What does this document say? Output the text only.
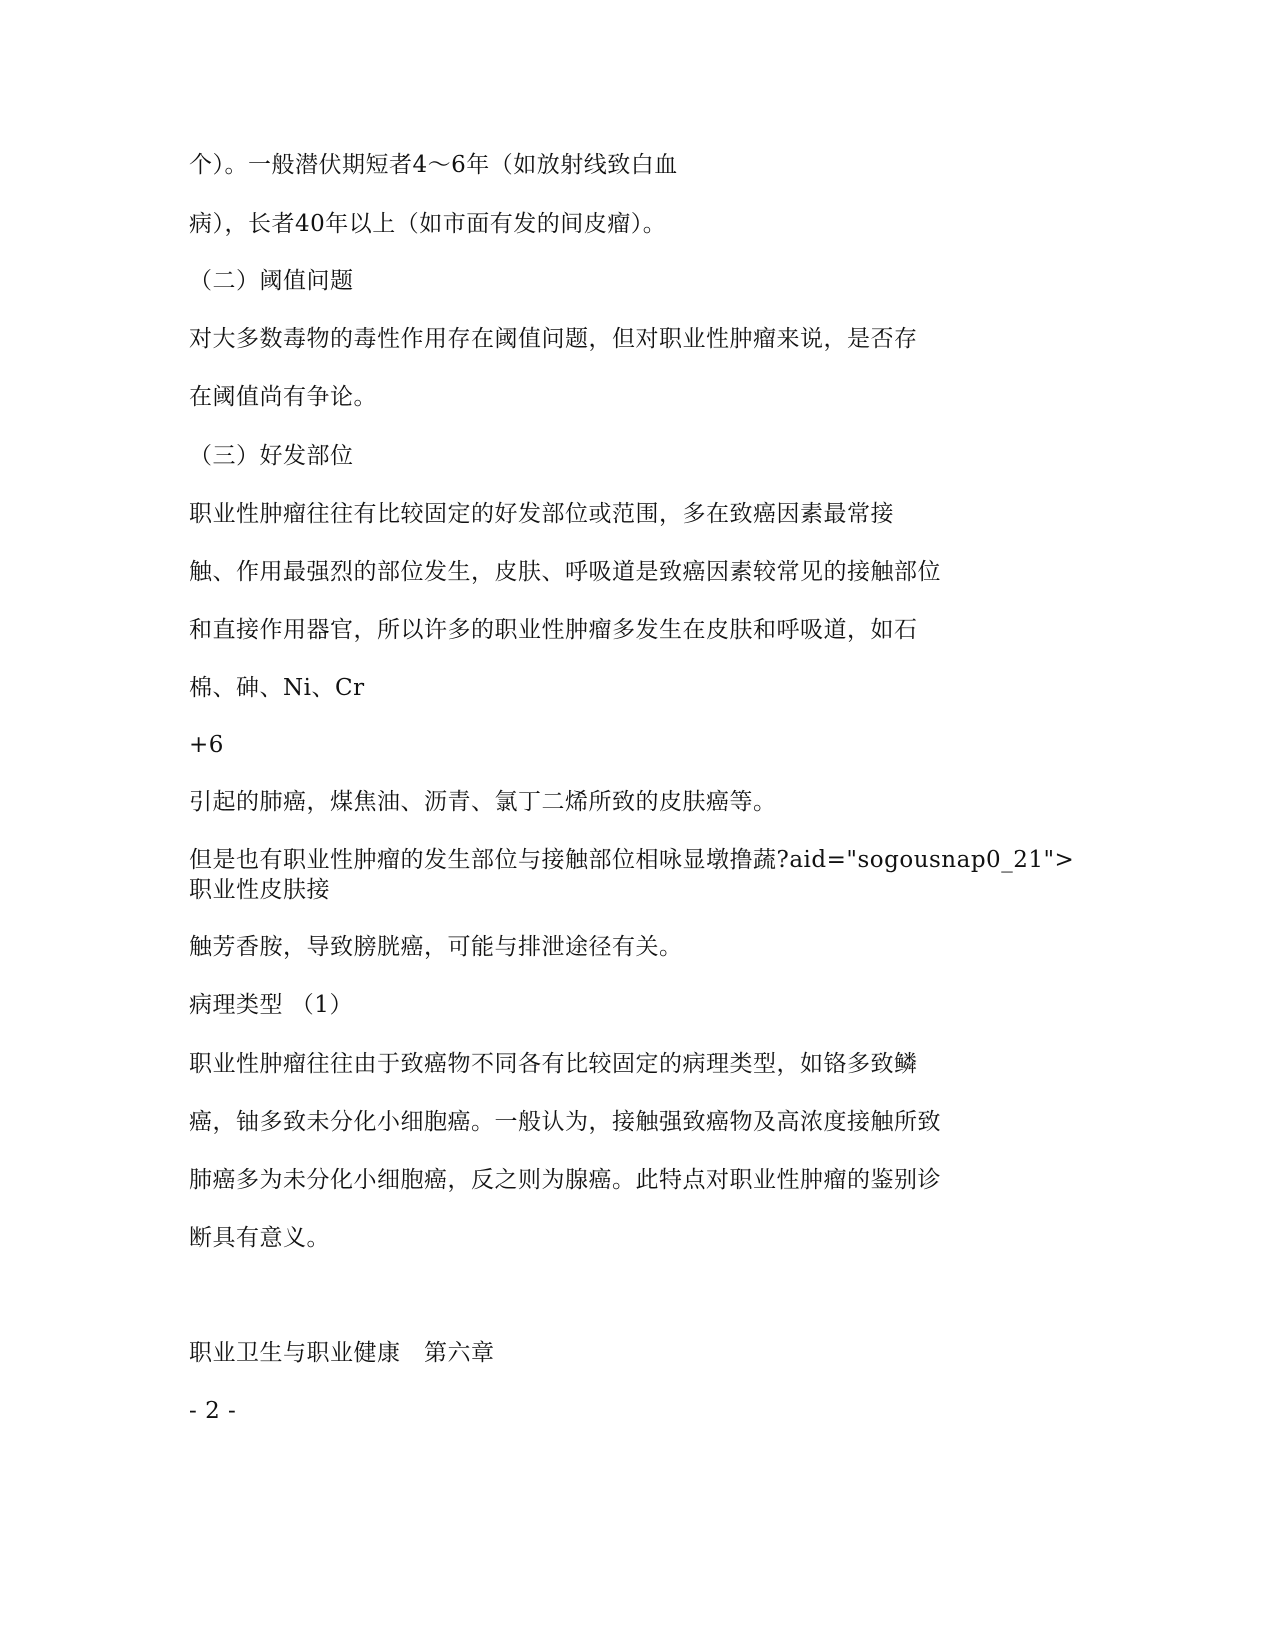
个）。一般潜伏期短者4～6年（如放射线致白血
病），长者40年以上（如市面有发的间皮瘤）。
（二）阈值问题
对大多数毒物的毒性作用存在阈值问题，但对职业性肿瘤来说，是否存
在阈值尚有争论。
（三）好发部位
职业性肿瘤往往有比较固定的好发部位或范围，多在致癌因素最常接
触、作用最强烈的部位发生，皮肤、呼吸道是致癌因素较常见的接触部位
和直接作用器官，所以许多的职业性肿瘤多发生在皮肤和呼吸道，如石
棉、砷、Ni、Cr
+6
引起的肺癌，煤焦油、沥青、氯丁二烯所致的皮肤癌等。
但是也有职业性肿瘤的发生部位与接触部位相咏显墩撸蔬?aid="sogousnap0_21">职业性皮肤接
触芳香胺，导致膀胱癌，可能与排泄途径有关。
病理类型 （1）
职业性肿瘤往往由于致癌物不同各有比较固定的病理类型，如铬多致鳞
癌，铀多致未分化小细胞癌。一般认为，接触强致癌物及高浓度接触所致
肺癌多为未分化小细胞癌，反之则为腺癌。此特点对职业性肿瘤的鉴别诊
断具有意义。
职业卫生与职业健康　第六章
- 2 -
